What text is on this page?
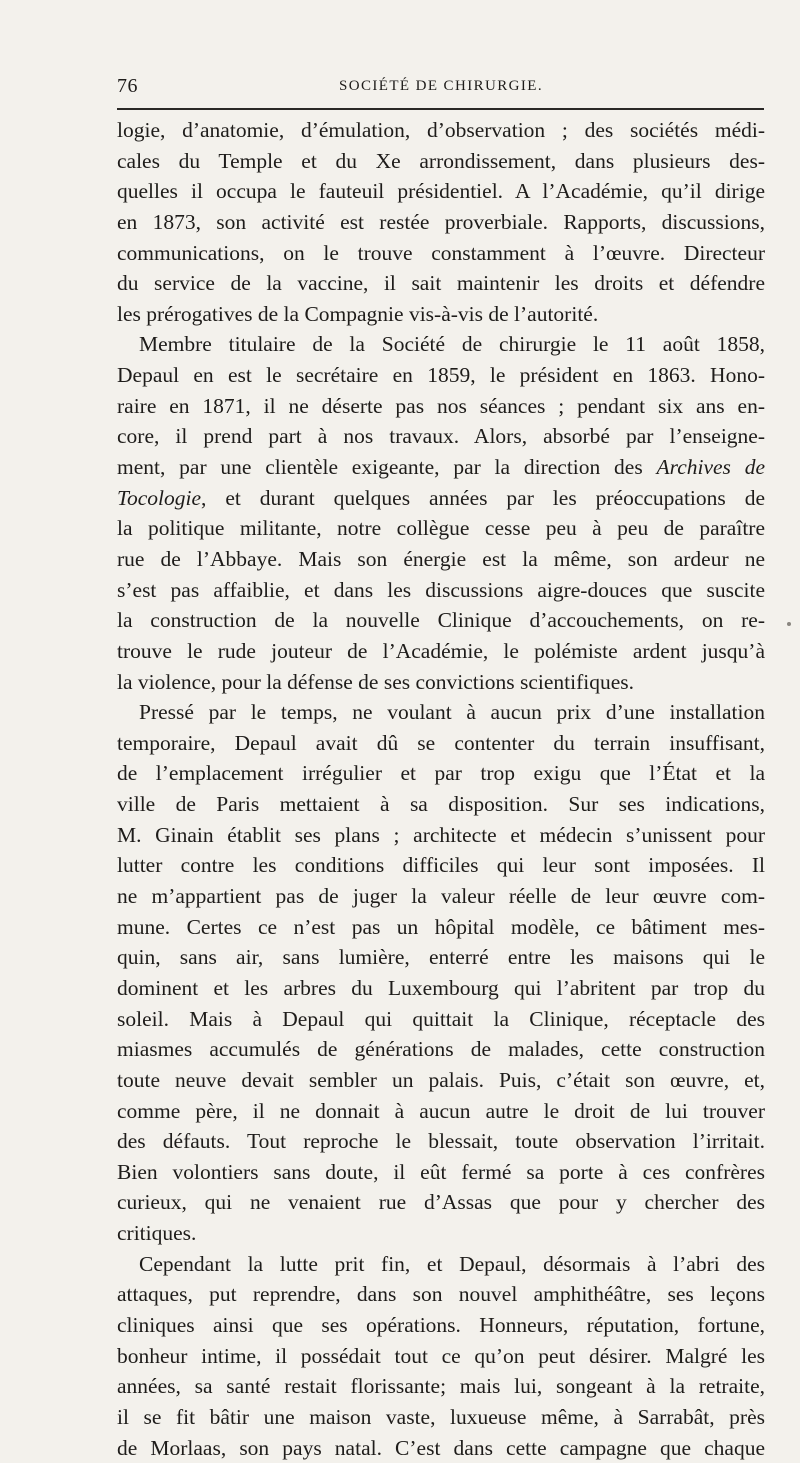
76	SOCIÉTÉ DE CHIRURGIE.
logie, d’anatomie, d’émulation, d’observation ; des sociétés médi-
cales du Temple et du Xe arrondissement, dans plusieurs des-
quelles il occupa le fauteuil présidentiel. A l’Académie, qu’il dirige
en 1873, son activité est restée proverbiale. Rapports, discussions,
communications, on le trouve constamment à l’œuvre. Directeur
du service de la vaccine, il sait maintenir les droits et défendre
les prérogatives de la Compagnie vis-à-vis de l’autorité.
Membre titulaire de la Société de chirurgie le 11 août 1858,
Depaul en est le secrétaire en 1859, le président en 1863. Hono-
raire en 1871, il ne déserte pas nos séances ; pendant six ans en-
core, il prend part à nos travaux. Alors, absorbé par l’enseigne-
ment, par une clientèle exigeante, par la direction des Archives de
Tocologie, et durant quelques années par les préoccupations de
la politique militante, notre collègue cesse peu à peu de paraître
rue de l’Abbaye. Mais son énergie est la même, son ardeur ne
s’est pas affaiblie, et dans les discussions aigre-douces que suscite
la construction de la nouvelle Clinique d’accouchements, on re-
trouve le rude jouteur de l’Académie, le polémiste ardent jusqu’à
la violence, pour la défense de ses convictions scientifiques.
Pressé par le temps, ne voulant à aucun prix d’une installation
temporaire, Depaul avait dû se contenter du terrain insuffisant,
de l’emplacement irrégulier et par trop exigu que l’État et la
ville de Paris mettaient à sa disposition. Sur ses indications,
M. Ginain établit ses plans ; architecte et médecin s’unissent pour
lutter contre les conditions difficiles qui leur sont imposées. Il
ne m’appartient pas de juger la valeur réelle de leur œuvre com-
mune. Certes ce n’est pas un hôpital modèle, ce bâtiment mes-
quin, sans air, sans lumière, enterré entre les maisons qui le
dominent et les arbres du Luxembourg qui l’abritent par trop du
soleil. Mais à Depaul qui quittait la Clinique, réceptacle des
miasmes accumulés de générations de malades, cette construction
toute neuve devait sembler un palais. Puis, c’était son œuvre, et,
comme père, il ne donnait à aucun autre le droit de lui trouver
des défauts. Tout reproche le blessait, toute observation l’irritait.
Bien volontiers sans doute, il eût fermé sa porte à ces confrères
curieux, qui ne venaient rue d’Assas que pour y chercher des
critiques.
Cependant la lutte prit fin, et Depaul, désormais à l’abri des
attaques, put reprendre, dans son nouvel amphithéâtre, ses leçons
cliniques ainsi que ses opérations. Honneurs, réputation, fortune,
bonheur intime, il possédait tout ce qu’on peut désirer. Malgré les
années, sa santé restait florissante; mais lui, songeant à la retraite,
il se fit bâtir une maison vaste, luxueuse même, à Sarrabât, près
de Morlaas, son pays natal. C’est dans cette campagne que chaque
